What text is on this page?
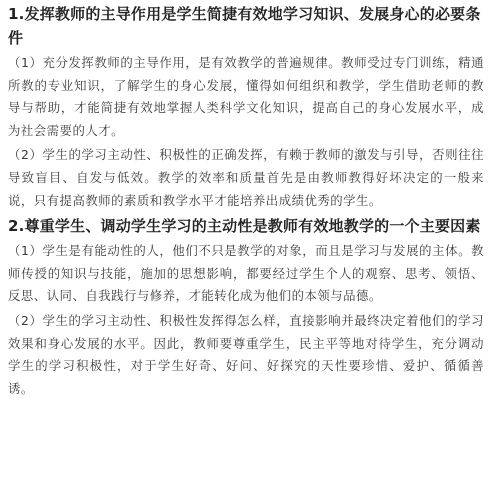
1.发挥教师的主导作用是学生简捷有效地学习知识、发展身心的必要条件

（1）充分发挥教师的主导作用，是有效教学的普遍规律。教师受过专门训练，精通所教的专业知识，了解学生的身心发展，懂得如何组织和教学，学生借助老师的教导与帮助，才能简捷有效地掌握人类科学文化知识，提高自己的身心发展水平，成为社会需要的人才。

（2）学生的学习主动性、积极性的正确发挥，有赖于教师的激发与引导，否则往往导致盲目、自发与低效。教学的效率和质量首先是由教师教得好坏决定的一般来说，只有提高教师的素质和教学水平才能培养出成绩优秀的学生。

2.尊重学生、调动学生学习的主动性是教师有效地教学的一个主要因素

（1）学生是有能动性的人，他们不只是教学的对象，而且是学习与发展的主体。教师传授的知识与技能，施加的思想影响，都要经过学生个人的观察、思考、领悟、反思、认同、自我践行与修养，才能转化成为他们的本领与品德。

（2）学生的学习主动性、积极性发挥得怎么样，直接影响并最终决定着他们的学习效果和身心发展的水平。因此，教师要尊重学生，民主平等地对待学生，充分调动学生的学习积极性，对于学生好奇、好问、好探究的天性要珍惜、爱护、循循善诱。
